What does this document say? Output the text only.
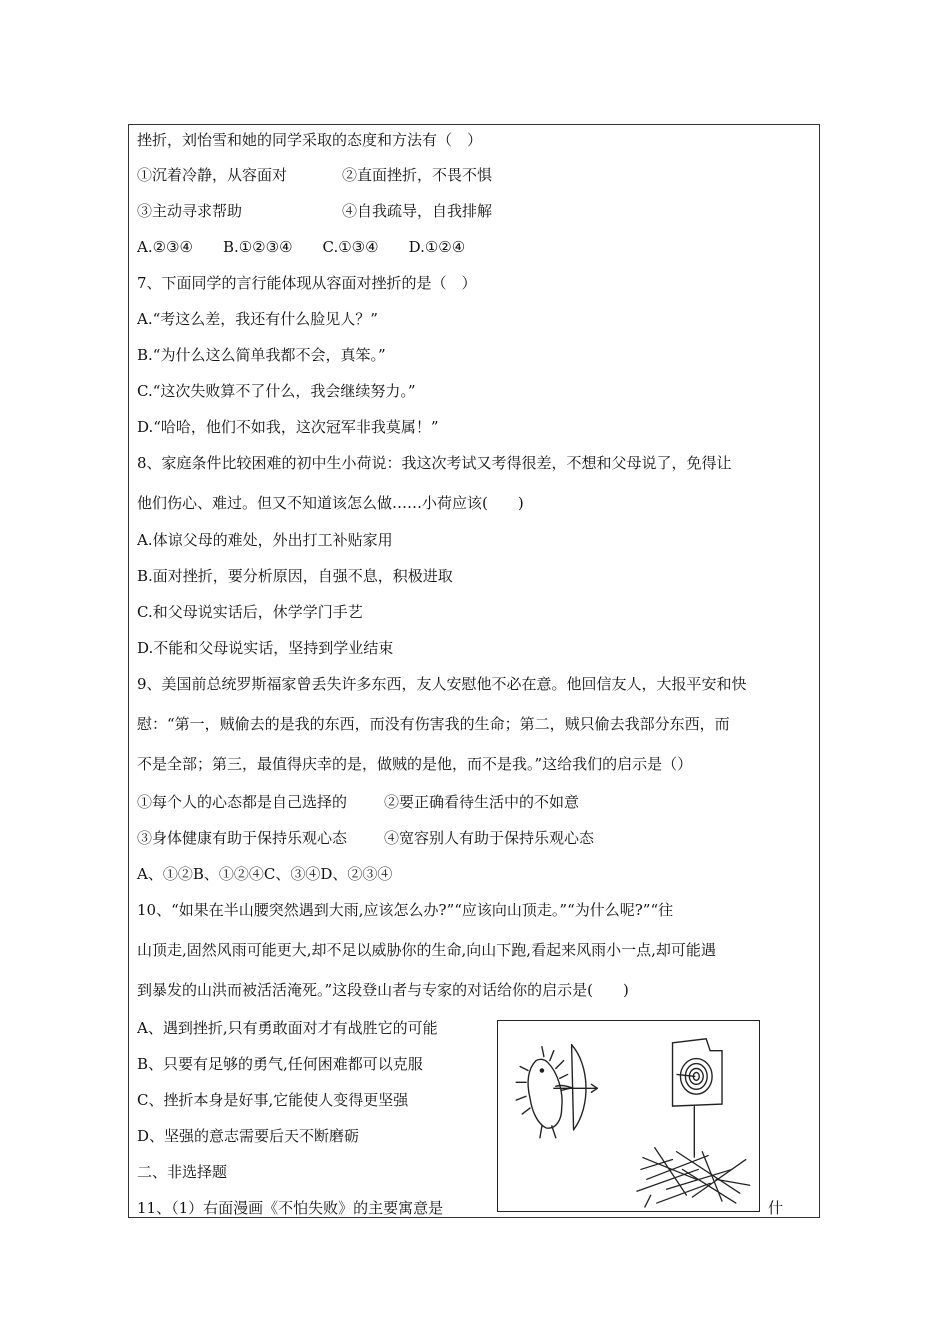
挫折，刘怡雪和她的同学采取的态度和方法有（　）
①沉着冷静，从容面对	②直面挫折，不畏不惧
③主动寻求帮助	④自我疏导，自我排解
A.②③④　　B.①②③④　　C.①③④　　D.①②④
7、下面同学的言行能体现从容面对挫折的是（　）
A.“考这么差，我还有什么脸见人？”
B.“为什么这么简单我都不会，真笨。”
C.“这次失败算不了什么，我会继续努力。”
D.“哈哈，他们不如我，这次冠军非我莫属！”
8、家庭条件比较困难的初中生小荷说：我这次考试又考得很差，不想和父母说了，免得让
他们伤心、难过。但又不知道该怎么做……小荷应该(　　)
A.体谅父母的难处，外出打工补贴家用
B.面对挫折，要分析原因，自强不息，积极进取
C.和父母说实话后，休学学门手艺
D.不能和父母说实话，坚持到学业结束
9、美国前总统罗斯福家曾丢失许多东西，友人安慰他不必在意。他回信友人，大报平安和快
慰：“第一，贼偷去的是我的东西，而没有伤害我的生命；第二，贼只偷去我部分东西，而
不是全部；第三，最值得庆幸的是，做贼的是他，而不是我。”这给我们的启示是（）
①每个人的心态都是自己选择的 ②要正确看待生活中的不如意
③身体健康有助于保持乐观心态 ④宽容别人有助于保持乐观心态
A、①②B、①②④C、③④D、②③④
10、“如果在半山腰突然遇到大雨,应该怎么办?”“应该向山顶走。”“为什么呢?”“往
山顶走,固然风雨可能更大,却不足以威胁你的生命,向山下跑,看起来风雨小一点,却可能遇
到暴发的山洪而被活活淹死。”这段登山者与专家的对话给你的启示是(　　)
A、遇到挫折,只有勇敢面对才有战胜它的可能
B、只要有足够的勇气,任何困难都可以克服
C、挫折本身是好事,它能使人变得更坚强
D、坚强的意志需要后天不断磨砺
二、非选择题
11、（1）右面漫画《不怕失败》的主要寓意是	什
